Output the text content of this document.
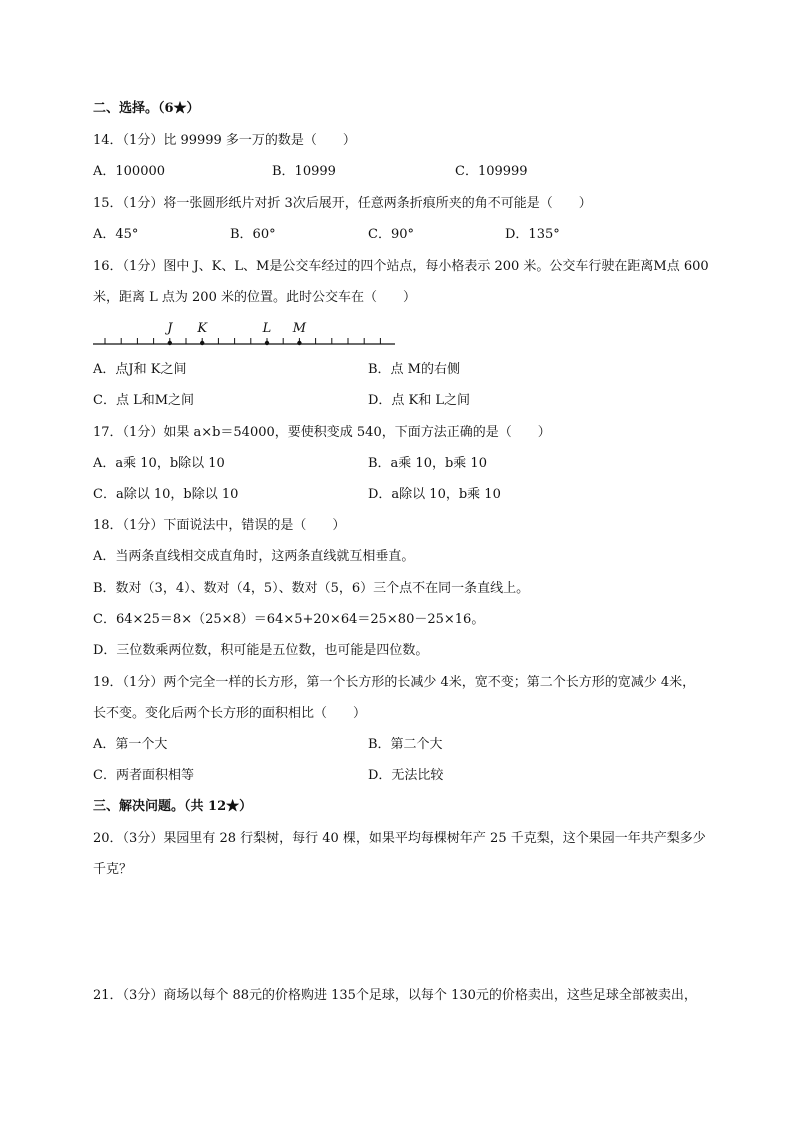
二、选择。（6★）
14．（1分）比 99999 多一万的数是（　　）
A．100000	B．10999	C．109999
15．（1分）将一张圆形纸片对折 3次后展开，任意两条折痕所夹的角不可能是（　　）
A．45°	B．60°	C．90°	D．135°
16．（1分）图中 J、K、L、M是公交车经过的四个站点，每小格表示 200 米。公交车行驶在距离M点 600
米，距离 L 点为 200 米的位置。此时公交车在（　　）
J K	L M
A．点J和 K之间	B．点 M的右侧
C．点 L和M之间	D．点 K和 L之间
17．（1分）如果 a×b＝54000，要使积变成 540，下面方法正确的是（　　）
A．a乘 10，b除以 10	B．a乘 10，b乘 10
C．a除以 10，b除以 10	D．a除以 10，b乘 10
18．（1分）下面说法中，错误的是（　　）
A．当两条直线相交成直角时，这两条直线就互相垂直。
B．数对（3，4）、数对（4，5）、数对（5，6）三个点不在同一条直线上。
C．64×25＝8×（25×8）＝64×5+20×64＝25×80－25×16。
D．三位数乘两位数，积可能是五位数，也可能是四位数。
19．（1分）两个完全一样的长方形，第一个长方形的长减少 4米，宽不变；第二个长方形的宽减少 4米，
长不变。变化后两个长方形的面积相比（　　）
A．第一个大	B．第二个大
C．两者面积相等	D．无法比较
三、解决问题。（共 12★）
20．（3分）果园里有 28 行梨树，每行 40 棵，如果平均每棵树年产 25 千克梨，这个果园一年共产梨多少
千克？
21．（3分）商场以每个 88元的价格购进 135个足球，以每个 130元的价格卖出，这些足球全部被卖出，
